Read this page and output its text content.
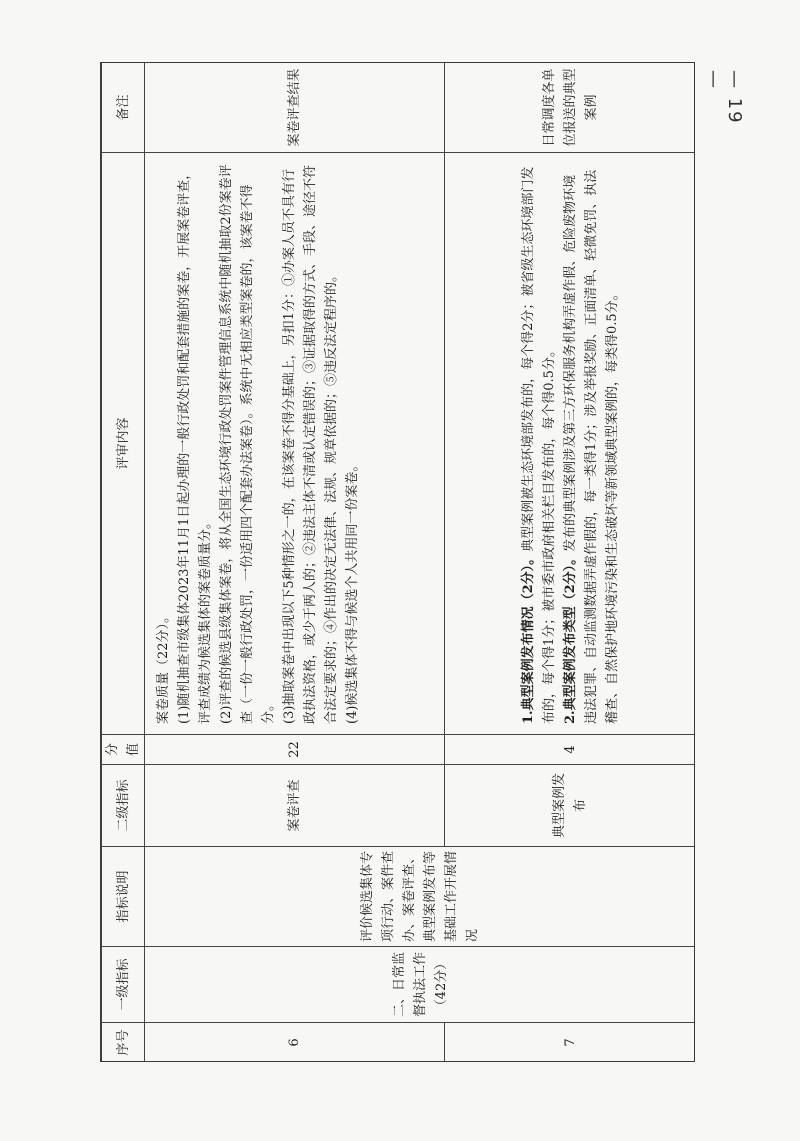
— 19 —
序号	一级指标	指标说明	二级指标	分值	评审内容	备注
6	二、日常监督执法工作（42分）	评价候选集体专项行动、案件查办、案卷评查、典型案例发布等基础工作开展情况	案卷评查	22	案卷质量（22分）。 (1)随机抽查市级集体2023年11月1日起办理的一般行政处罚和配套措施的案卷，开展案卷评查，评查成绩为候选集体的案卷质量分。 (2)评查的候选县级集体案卷，将从全国生态环境行政处罚案件管理信息系统中随机抽取2份案卷评查（一份一般行政处罚，一份适用四个配套办法案卷）。系统中无相应类型案卷的，该案卷不得分。 (3)抽取案卷中出现以下5种情形之一的，在该案卷不得分基础上，另扣1分：①办案人员不具有行政执法资格，或少于两人的；②违法主体不清或认定错误的；③证据取得的方式、手段、途径不符合法定要求的；④作出的决定无法律、法规、规章依据的；⑤违反法定程序的。 (4)候选集体不得与候选个人共用同一份案卷。	案卷评查结果
7			典型案例发布	4	1.典型案例发布情况（2分）。典型案例被生态环境部发布的，每个得2分；被省级生态环境部门发布的，每个得1分；被市委市政府相关栏目发布的，每个得0.5分。 2.典型案例发布类型（2分）。发布的典型案例涉及第三方环保服务机构弄虚作假、危险废物环境违法犯罪、自动监测数据弄虚作假的，每一类得1分；涉及举报奖励、正面清单、轻微免罚、执法稽查、自然保护地环境污染和生态破坏等新领域典型案例的，每类得0.5分。	日常调度各单位报送的典型案例
